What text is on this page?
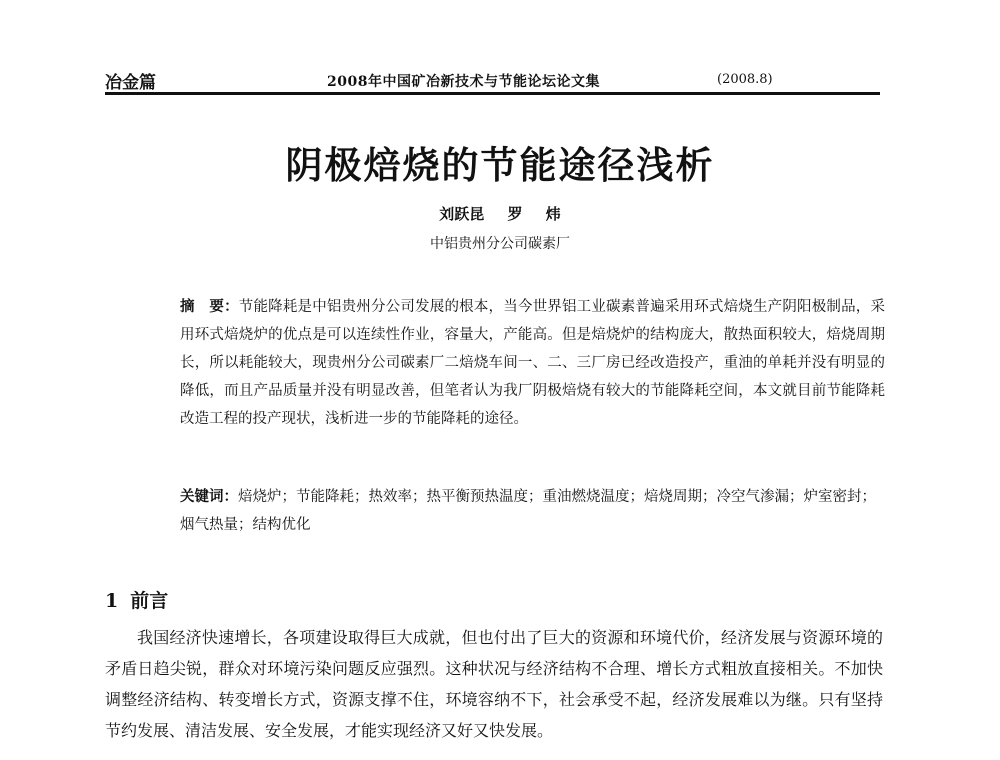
冶金篇	2008年中国矿冶新技术与节能论坛论文集	(2008.8)
阴极焙烧的节能途径浅析
刘跃昆 罗 炜
中铝贵州分公司碳素厂
摘　要：节能降耗是中铝贵州分公司发展的根本，当今世界铝工业碳素普遍采用环式焙烧生产阴阳极制品，采用环式焙烧炉的优点是可以连续性作业，容量大，产能高。但是焙烧炉的结构庞大，散热面积较大，焙烧周期长，所以耗能较大，现贵州分公司碳素厂二焙烧车间一、二、三厂房已经改造投产，重油的单耗并没有明显的降低，而且产品质量并没有明显改善，但笔者认为我厂阴极焙烧有较大的节能降耗空间，本文就目前节能降耗改造工程的投产现状，浅析进一步的节能降耗的途径。
关键词：焙烧炉；节能降耗；热效率；热平衡预热温度；重油燃烧温度；焙烧周期；冷空气渗漏；炉室密封；烟气热量；结构优化
1 前言
我国经济快速增长，各项建设取得巨大成就，但也付出了巨大的资源和环境代价，经济发展与资源环境的矛盾日趋尖锐，群众对环境污染问题反应强烈。这种状况与经济结构不合理、增长方式粗放直接相关。不加快调整经济结构、转变增长方式，资源支撑不住，环境容纳不下，社会承受不起，经济发展难以为继。只有坚持节约发展、清洁发展、安全发展，才能实现经济又好又快发展。
